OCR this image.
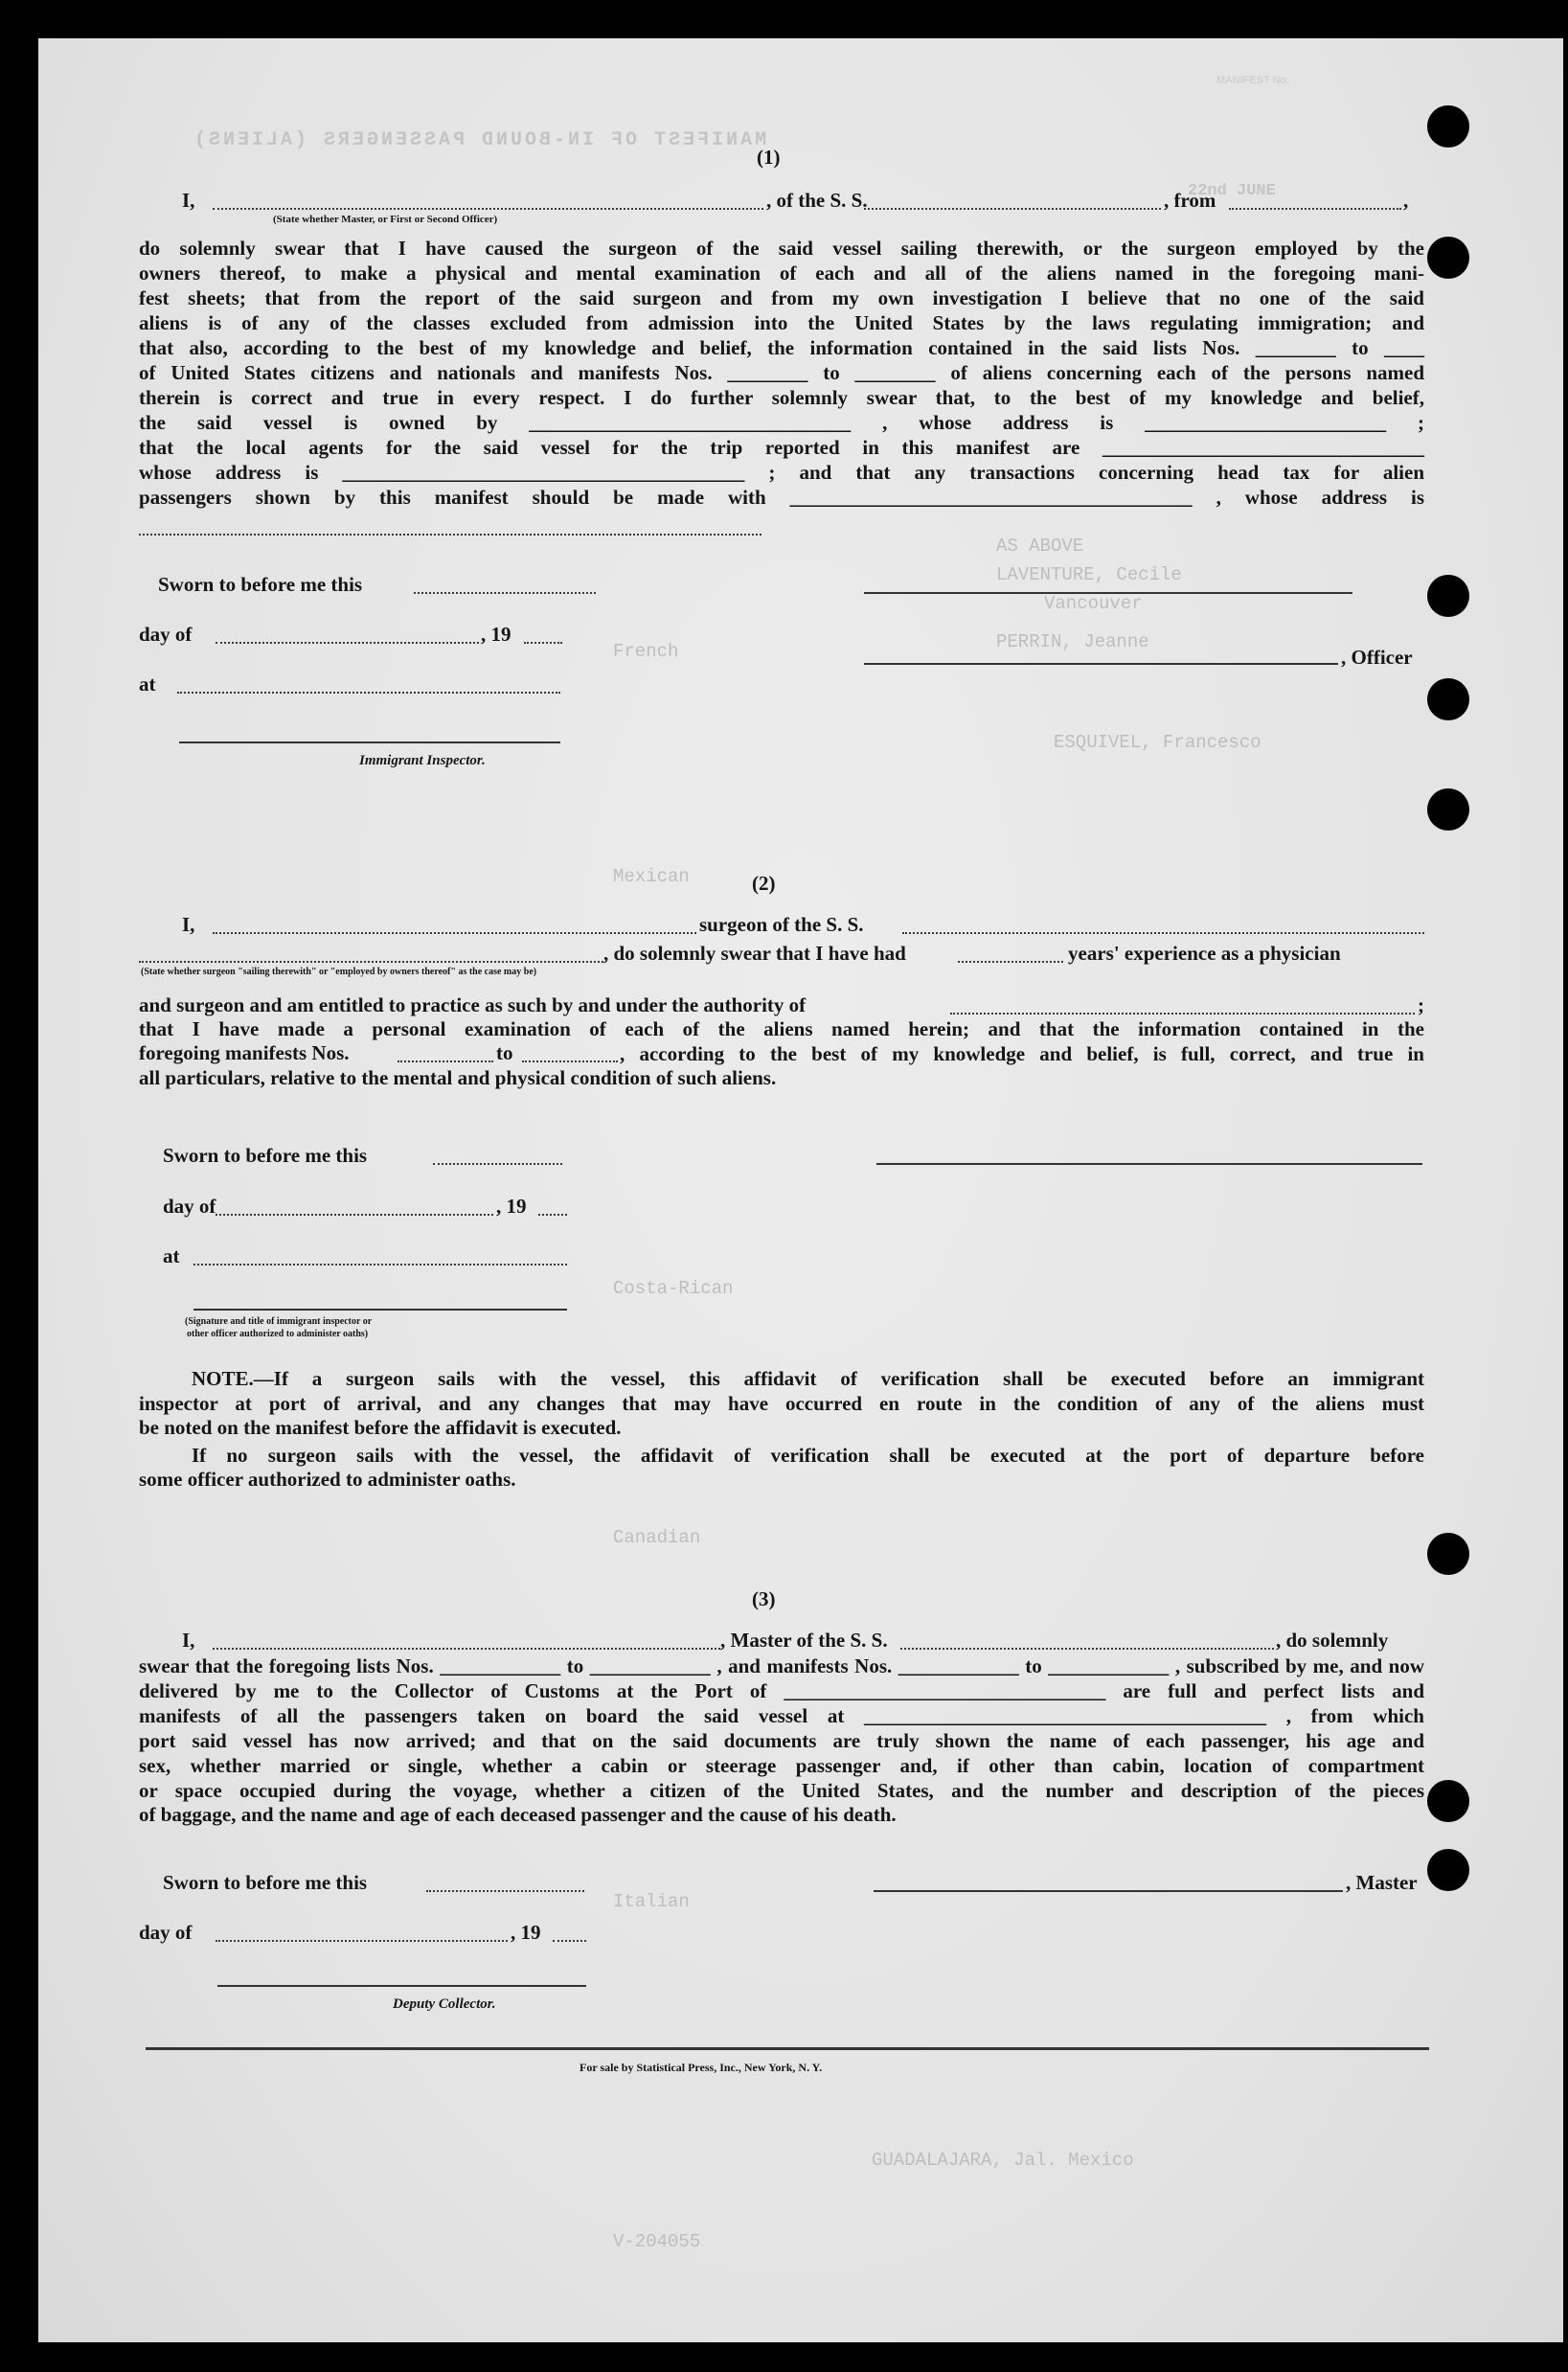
MANIFEST No.
MANIFEST OF IN-BOUND PASSENGERS (ALIENS)
22nd JUNE
AS ABOVE
LAVENTURE, Cecile
Vancouver
PERRIN, Jeanne
French
ESQUIVEL, Francesco
Mexican
Canadian
Costa-Rican
Italian
GUADALAJARA, Jal. Mexico
V-204055
(1)
I,	, of the S. S.	, from	,
(State whether Master, or First or Second Officer)
do solemnly swear that I have caused the surgeon of the said vessel sailing therewith, or the surgeon employed by the
owners thereof, to make a physical and mental examination of each and all of the aliens named in the foregoing mani-
fest sheets; that from the report of the said surgeon and from my own investigation I believe that no one of the said
aliens is of any of the classes excluded from admission into the United States by the laws regulating immigration; and
that also, according to the best of my knowledge and belief, the information contained in the said lists Nos. ________ to ____
of United States citizens and nationals and manifests Nos. ________ to ________ of aliens concerning each of the persons named
therein is correct and true in every respect. I do further solemnly swear that, to the best of my knowledge and belief,
the said vessel is owned by ________________________________ , whose address is ________________________ ;
that the local agents for the said vessel for the trip reported in this manifest are ________________________________
whose address is ________________________________________ ; and that any transactions concerning head tax for alien
passengers shown by this manifest should be made with ________________________________________ , whose address is
Sworn to before me this
day of	, 19
, Officer
at
Immigrant Inspector.
(2)
I,	surgeon of the S. S.
, do solemnly swear that I have had	years' experience as a physician
(State whether surgeon "sailing therewith" or "employed by owners thereof" as the case may be)
and surgeon and am entitled to practice as such by and under the authority of	;
that I have made a personal examination of each of the aliens named herein; and that the information contained in the
foregoing manifests Nos.	to	, according to the best of my knowledge and belief, is full, correct, and true in
all particulars, relative to the mental and physical condition of such aliens.
Sworn to before me this
day of	, 19
at
(Signature and title of immigrant inspector or
other officer authorized to administer oaths)
NOTE.—If a surgeon sails with the vessel, this affidavit of verification shall be executed before an immigrant
inspector at port of arrival, and any changes that may have occurred en route in the condition of any of the aliens must
be noted on the manifest before the affidavit is executed.
If no surgeon sails with the vessel, the affidavit of verification shall be executed at the port of departure before
some officer authorized to administer oaths.
(3)
I,	, Master of the S. S.	, do solemnly
swear that the foregoing lists Nos. ____________ to ____________ , and manifests Nos. ____________ to ____________ , subscribed by me, and now
delivered by me to the Collector of Customs at the Port of ________________________________ are full and perfect lists and
manifests of all the passengers taken on board the said vessel at ________________________________________ , from which
port said vessel has now arrived; and that on the said documents are truly shown the name of each passenger, his age and
sex, whether married or single, whether a cabin or steerage passenger and, if other than cabin, location of compartment
or space occupied during the voyage, whether a citizen of the United States, and the number and description of the pieces
of baggage, and the name and age of each deceased passenger and the cause of his death.
Sworn to before me this	, Master
day of	, 19
Deputy Collector.
For sale by Statistical Press, Inc., New York, N. Y.
